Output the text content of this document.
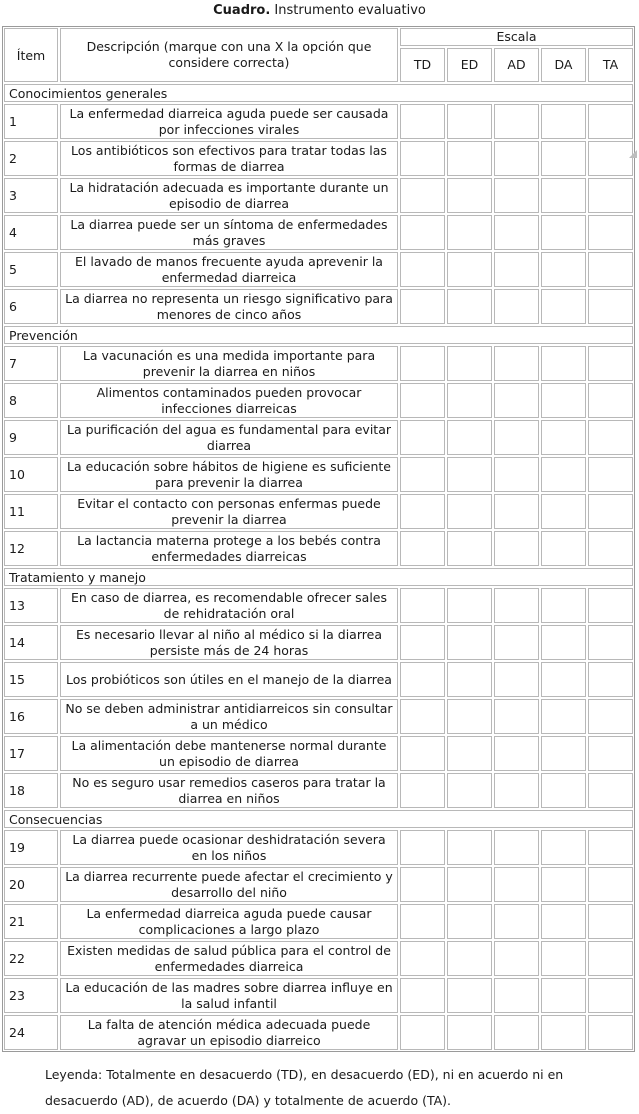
Cuadro. Instrumento evaluativo
Ítem	Descripción (marque con una X la opción que considere correcta)	Escala				
		TD	ED	AD	DA	TA
Conocimientos generales						
1	La enfermedad diarreica aguda puede ser causada por infecciones virales					
2	Los antibióticos son efectivos para tratar todas las formas de diarrea					
3	La hidratación adecuada es importante durante un episodio de diarrea					
4	La diarrea puede ser un síntoma de enfermedades más graves					
5	El lavado de manos frecuente ayuda aprevenir la enfermedad diarreica					
6	La diarrea no representa un riesgo significativo para menores de cinco años					
Prevención						
7	La vacunación es una medida importante para prevenir la diarrea en niños					
8	Alimentos contaminados pueden provocar infecciones diarreicas					
9	La purificación del agua es fundamental para evitar diarrea					
10	La educación sobre hábitos de higiene es suficiente para prevenir la diarrea					
11	Evitar el contacto con personas enfermas puede prevenir la diarrea					
12	La lactancia materna protege a los bebés contra enfermedades diarreicas					
Tratamiento y manejo						
13	En caso de diarrea, es recomendable ofrecer sales de rehidratación oral					
14	Es necesario llevar al niño al médico si la diarrea persiste más de 24 horas					
15	Los probióticos son útiles en el manejo de la diarrea					
16	No se deben administrar antidiarreicos sin consultar a un médico					
17	La alimentación debe mantenerse normal durante un episodio de diarrea					
18	No es seguro usar remedios caseros para tratar la diarrea en niños					
Consecuencias						
19	La diarrea puede ocasionar deshidratación severa en los niños					
20	La diarrea recurrente puede afectar el crecimiento y desarrollo del niño					
21	La enfermedad diarreica aguda puede causar complicaciones a largo plazo					
22	Existen medidas de salud pública para el control de enfermedades diarreica					
23	La educación de las madres sobre diarrea influye en la salud infantil					
24	La falta de atención médica adecuada puede agravar un episodio diarreico					
Leyenda: Totalmente en desacuerdo (TD), en desacuerdo (ED), ni en acuerdo ni en desacuerdo (AD), de acuerdo (DA) y totalmente de acuerdo (TA).
